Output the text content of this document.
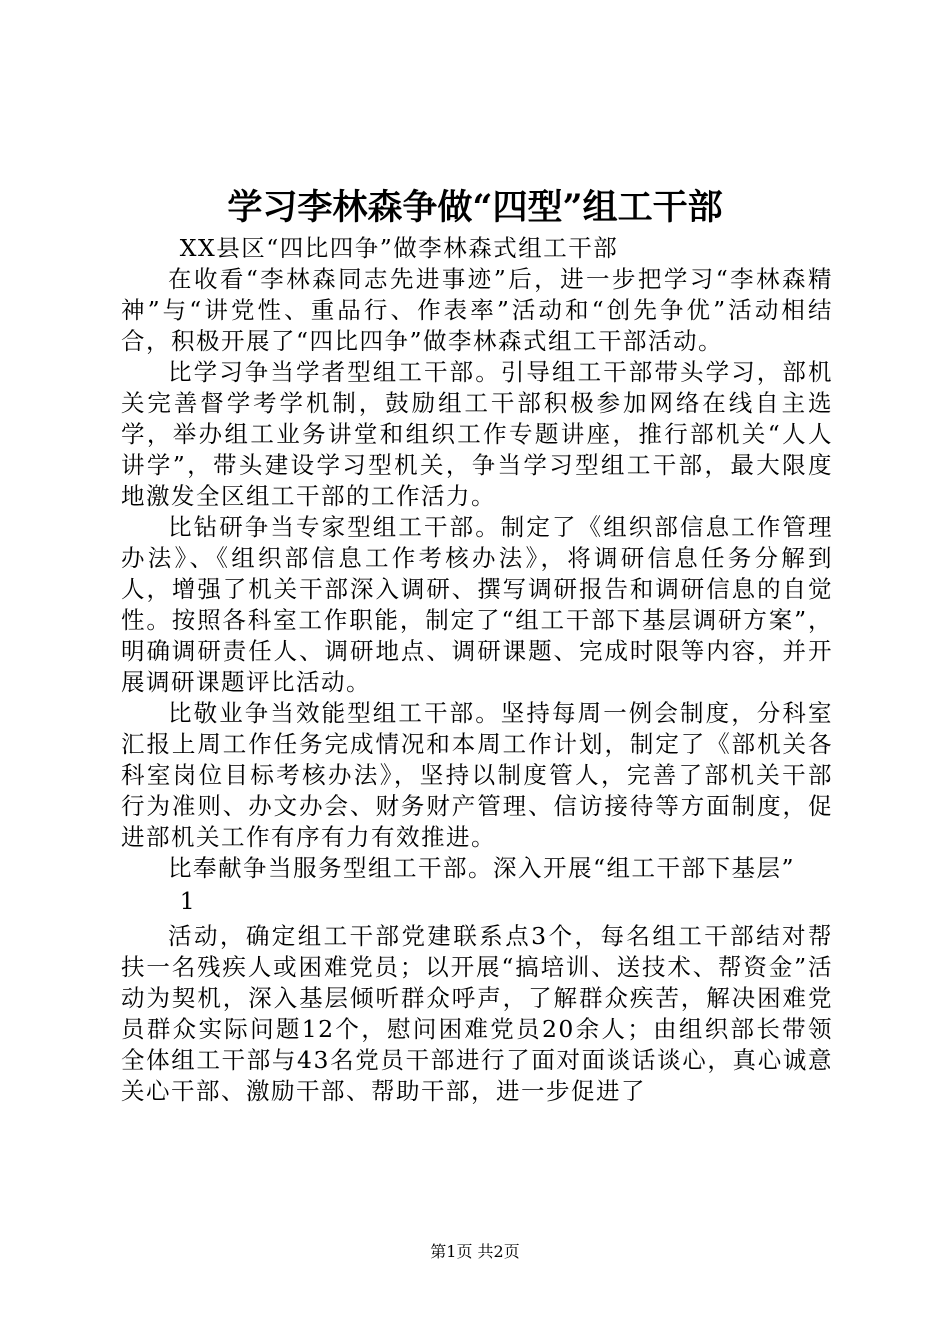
学习李林森争做“四型”组工干部

XX县区“四比四争”做李林森式组工干部

在收看“李林森同志先进事迹”后，进一步把学习“李林森精神”与“讲党性、重品行、作表率”活动和“创先争优”活动相结合，积极开展了“四比四争”做李林森式组工干部活动。

比学习争当学者型组工干部。引导组工干部带头学习，部机关完善督学考学机制，鼓励组工干部积极参加网络在线自主选学，举办组工业务讲堂和组织工作专题讲座，推行部机关“人人讲学”，带头建设学习型机关，争当学习型组工干部，最大限度地激发全区组工干部的工作活力。

比钻研争当专家型组工干部。制定了《组织部信息工作管理办法》、《组织部信息工作考核办法》，将调研信息任务分解到人，增强了机关干部深入调研、撰写调研报告和调研信息的自觉性。按照各科室工作职能，制定了“组工干部下基层调研方案”，明确调研责任人、调研地点、调研课题、完成时限等内容，并开展调研课题评比活动。

比敬业争当效能型组工干部。坚持每周一例会制度，分科室汇报上周工作任务完成情况和本周工作计划，制定了《部机关各科室岗位目标考核办法》，坚持以制度管人，完善了部机关干部行为准则、办文办会、财务财产管理、信访接待等方面制度，促进部机关工作有序有力有效推进。

比奉献争当服务型组工干部。深入开展“组工干部下基层”

1

活动，确定组工干部党建联系点3个，每名组工干部结对帮扶一名残疾人或困难党员；以开展“搞培训、送技术、帮资金”活动为契机，深入基层倾听群众呼声，了解群众疾苦，解决困难党员群众实际问题12个，慰问困难党员20余人；由组织部长带领全体组工干部与43名党员干部进行了面对面谈话谈心，真心诚意关心干部、激励干部、帮助干部，进一步促进了

第1页 共2页
